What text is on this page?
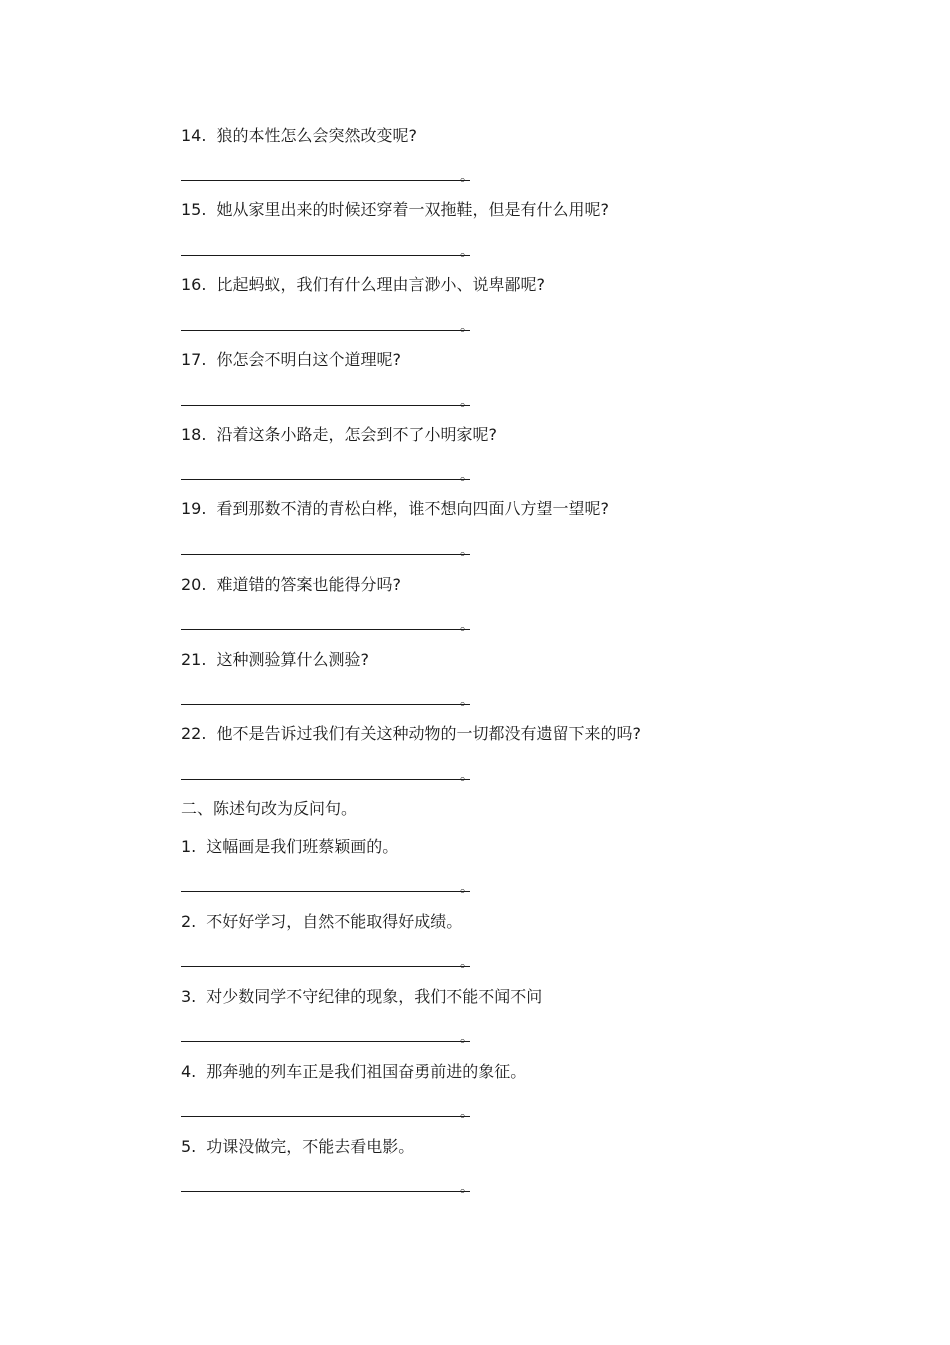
14. 狼的本性怎么会突然改变呢?
。
15. 她从家里出来的时候还穿着一双拖鞋，但是有什么用呢?
。
16. 比起蚂蚁，我们有什么理由言渺小、说卑鄙呢?
。
17. 你怎会不明白这个道理呢?
。
18. 沿着这条小路走，怎会到不了小明家呢?
。
19. 看到那数不清的青松白桦，谁不想向四面八方望一望呢?
。
20. 难道错的答案也能得分吗?
。
21. 这种测验算什么测验?
。
22. 他不是告诉过我们有关这种动物的一切都没有遗留下来的吗?
。
二、陈述句改为反问句。
1. 这幅画是我们班蔡颖画的。
。
2. 不好好学习，自然不能取得好成绩。
。
3. 对少数同学不守纪律的现象，我们不能不闻不问
。
4. 那奔驰的列车正是我们祖国奋勇前进的象征。
。
5. 功课没做完，不能去看电影。
。
